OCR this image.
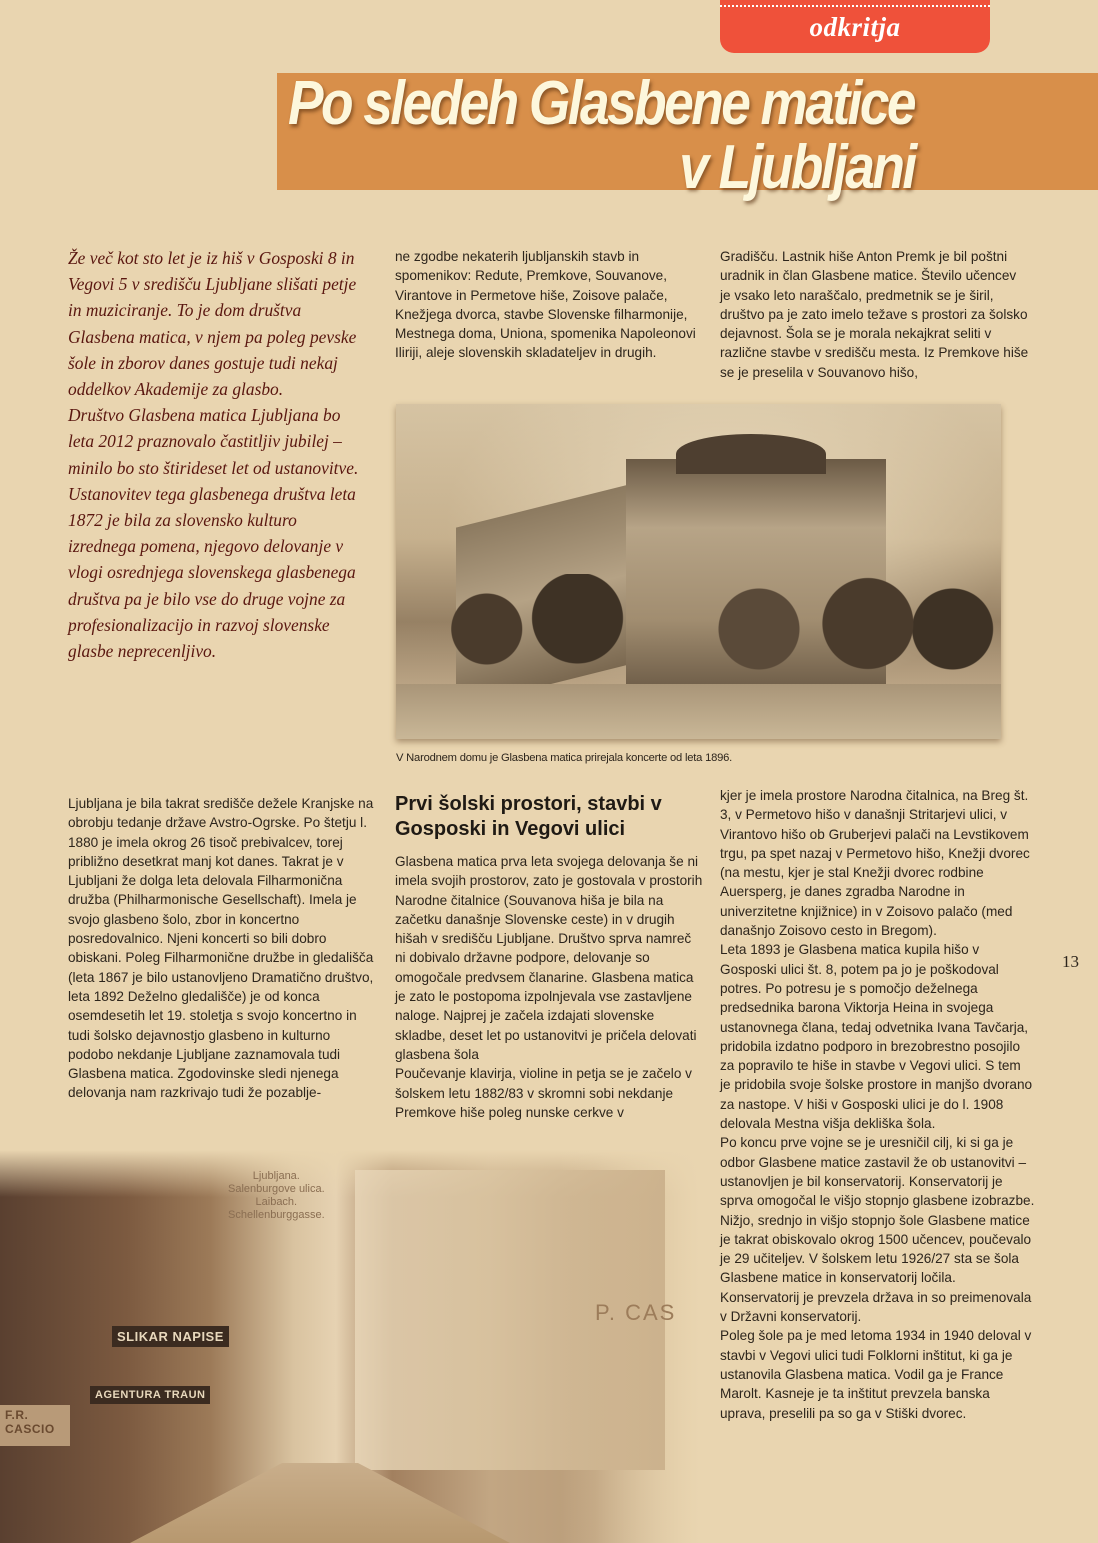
odkritja
Po sledeh Glasbene matice
v Ljubljani

Že več kot sto let je iz hiš v Gosposki 8 in Vegovi 5 v središču Ljubljane slišati petje in muziciranje. To je dom društva Glasbena matica, v njem pa poleg pevske šole in zborov danes gostuje tudi nekaj oddelkov Akademije za glasbo.

Društvo Glasbena matica Ljubljana bo leta 2012 praznovalo častitljiv jubilej –minilo bo sto štirideset let od ustanovitve. Ustanovitev tega glasbenega društva leta 1872 je bila za slovensko kulturo izrednega pomena, njegovo delovanje v vlogi osrednjega slovenskega glasbenega društva pa je bilo vse do druge vojne za profesionalizacijo in razvoj slovenske glasbe neprecenljivo.

ne zgodbe nekaterih ljubljanskih stavb in spomenikov: Redute, Premkove, Souvanove, Virantove in Permetove hiše, Zoisove palače, Knežjega dvorca, stavbe Slovenske filharmonije, Mestnega doma, Uniona, spomenika Napoleonovi Iliriji, aleje slovenskih skladateljev in drugih.

Gradišču. Lastnik hiše Anton Premk je bil poštni uradnik in član Glasbene matice. Število učencev je vsako leto naraščalo, predmetnik se je širil, društvo pa je zato imelo težave s prostori za šolsko dejavnost. Šola se je morala nekajkrat seliti v različne stavbe v središču mesta. Iz Premkove hiše se je preselila v Souvanovo hišo,

V Narodnem domu je Glasbena matica prirejala koncerte od leta 1896.

Ljubljana je bila takrat središče dežele Kranjske na obrobju tedanje države Avstro-Ogrske. Po štetju l. 1880 je imela okrog 26 tisoč prebivalcev, torej približno desetkrat manj kot danes. Takrat je v Ljubljani že dolga leta delovala Filharmonična družba (Philharmonische Gesellschaft). Imela je svojo glasbeno šolo, zbor in koncertno posredovalnico. Njeni koncerti so bili dobro obiskani. Poleg Filharmonične družbe in gledališča (leta 1867 je bilo ustanovljeno Dramatično društvo, leta 1892 Deželno gledališče) je od konca osemdesetih let 19. stoletja s svojo koncertno in tudi šolsko dejavnostjo glasbeno in kulturno podobo nekdanje Ljubljane zaznamovala tudi Glasbena matica. Zgodovinske sledi njenega delovanja nam razkrivajo tudi že pozablje-

Prvi šolski prostori, stavbi v Gosposki in Vegovi ulici

Glasbena matica prva leta svojega delovanja še ni imela svojih prostorov, zato je gostovala v prostorih Narodne čitalnice (Souvanova hiša je bila na začetku današnje Slovenske ceste) in v drugih hišah v središču Ljubljane. Društvo sprva namreč ni dobivalo državne podpore, delovanje so omogočale predvsem članarine. Glasbena matica je zato le postopoma izpolnjevala vse zastavljene naloge. Najprej je začela izdajati slovenske skladbe, deset let po ustanovitvi je pričela delovati glasbena šola

Poučevanje klavirja, violine in petja se je začelo v šolskem letu 1882/83 v skromni sobi nekdanje Premkove hiše poleg nunske cerkve v

kjer je imela prostore Narodna čitalnica, na Breg št. 3, v Permetovo hišo v današnji Stritarjevi ulici, v Virantovo hišo ob Gruberjevi palači na Levstikovem trgu, pa spet nazaj v Permetovo hišo, Knežji dvorec (na mestu, kjer je stal Knežji dvorec rodbine Auersperg, je danes zgradba Narodne in univerzitetne knjižnice) in v Zoisovo palačo (med današnjo Zoisovo cesto in Bregom).

Leta 1893 je Glasbena matica kupila hišo v Gosposki ulici št. 8, potem pa jo je poškodoval potres. Po potresu je s pomočjo deželnega predsednika barona Viktorja Heina in svojega ustanovnega člana, tedaj odvetnika Ivana Tavčarja, pridobila izdatno podporo in brezobrestno posojilo za popravilo te hiše in stavbe v Vegovi ulici. S tem je pridobila svoje šolske prostore in manjšo dvorano za nastope. V hiši v Gosposki ulici je do l. 1908 delovala Mestna višja dekliška šola.

Po koncu prve vojne se je uresničil cilj, ki si ga je odbor Glasbene matice zastavil že ob ustanovitvi – ustanovljen je bil konservatorij. Konservatorij je sprva omogočal le višjo stopnjo glasbene izobrazbe. Nižjo, srednjo in višjo stopnjo šole Glasbene matice je takrat obiskovalo okrog 1500 učencev, poučevalo je 29 učiteljev. V šolskem letu 1926/27 sta se šola Glasbene matice in konservatorij ločila. Konservatorij je prevzela država in so preimenovala v Državni konservatorij.

Poleg šole pa je med letoma 1934 in 1940 deloval v stavbi v Vegovi ulici tudi Folklorni inštitut, ki ga je ustanovila Glasbena matica. Vodil ga je France Marolt. Kasneje je ta inštitut prevzela banska uprava, preselili pa so ga v Stiški dvorec.

13
Ljubljana.
Salenburgove ulica.
Laibach.
Schellenburggasse.
SLIKAR NAPISE
AGENTURA TRAUN
F.R. CASCIO
P. CAS
